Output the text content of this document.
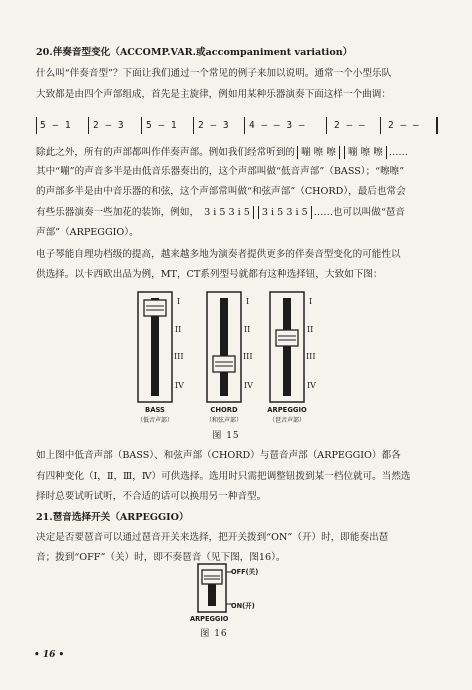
20.伴奏音型变化（ACCOMP.VAR.或accompaniment variation）
什么叫“伴奏音型”？下面让我们通过一个常见的例子来加以说明。通常一个小型乐队
大致都是由四个声部组成，首先是主旋律，例如用某种乐器演奏下面这样一个曲调：
5 – 1 2 – 3 5 – 1 2 – 3 4 – – 3 –	2 – – 2 – –
除此之外，所有的声部都叫作伴奏声部。例如我们经常听到的 嘣 嚓 嚓 嘣 嚓 嚓 ……
其中“嘣”的声音多半是由低音乐器奏出的，这个声部叫做“低音声部”（BASS）；“嚓嚓”
的声部多半是由中音乐器的和弦，这个声部常叫做“和弦声部”（CHORD），最后也常会
有些乐器演奏一些加花的装饰，例如， 3 i 5 3 i 5 3 i 5 3 i 5 ……也可以叫做“琶音
声部”（ARPEGGIO）。
电子琴能自理功档级的提高，越来越多地为演奏者提供更多的伴奏音型变化的可能性以
供选择。以卡西欧出品为例，MT，CT系列型号就都有这种选择钮，大致如下图：
I
II
III
IV
I
II
III
IV
I
II
III
IV
BASS
（低音声部）
CHORD
（和弦声部）
ARPEGGIO
（琶音声部）
图 15
如上图中低音声部（BASS）、和弦声部（CHORD）与琶音声部（ARPEGGIO）都各
有四种变化（Ⅰ，Ⅱ，Ⅲ，Ⅳ）可供选择。选用时只需把调整钮拨到某一档位就可。当然选
择时总要试听试听，不合适的话可以换用另一种音型。
21.琶音选择开关（ARPEGGIO）
决定是否要琶音可以通过琶音开关来选择，把开关拨到“ON”（开）时，即能奏出琶
音；拨到“OFF”（关）时，即不奏琶音（见下图，图16）。
OFF(关)
ON(开)
ARPEGGIO
图 16
• 16 •
